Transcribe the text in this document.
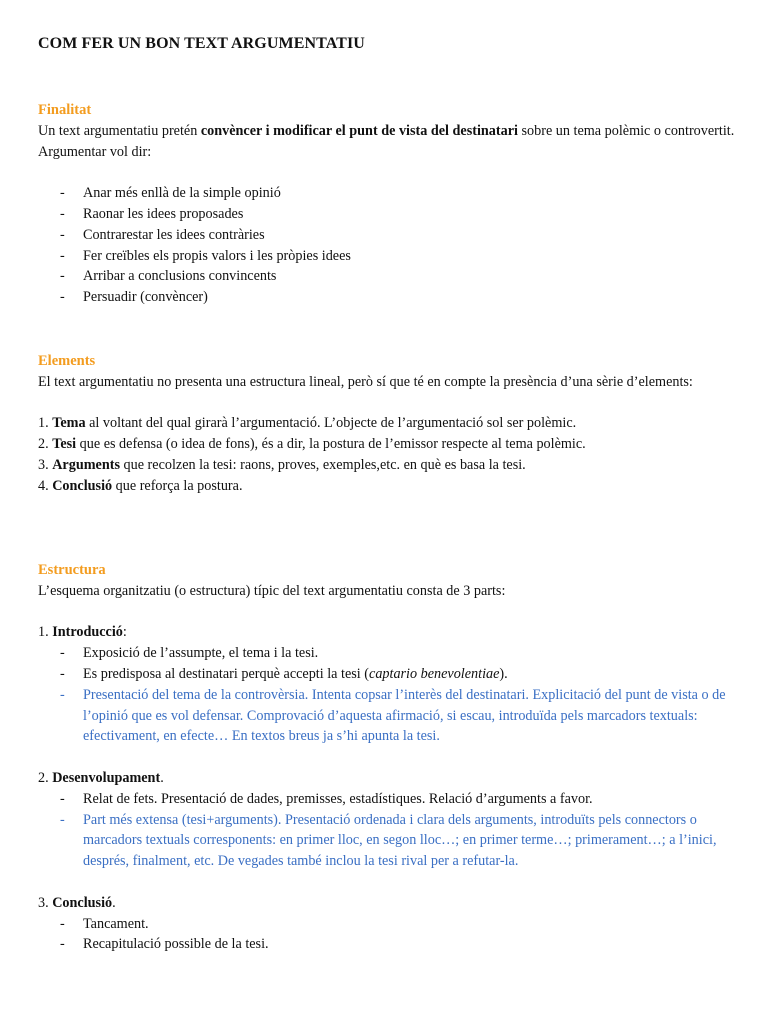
COM FER UN BON TEXT ARGUMENTATIU
Finalitat

Un text argumentatiu pretén convèncer i modificar el punt de vista del destinatari sobre un tema polèmic o controvertit. Argumentar vol dir:

- Anar més enllà de la simple opinió
- Raonar les idees proposades
- Contrarestar les idees contràries
- Fer creïbles els propis valors i les pròpies idees
- Arribar a conclusions convincents
- Persuadir (convèncer)
Elements

El text argumentatiu no presenta una estructura lineal, però sí que té en compte la presència d’una sèrie d’elements:

1. Tema al voltant del qual girarà l’argumentació. L’objecte de l’argumentació sol ser polèmic.

2. Tesi que es defensa (o idea de fons), és a dir, la postura de l’emissor respecte al tema polèmic.

3. Arguments que recolzen la tesi: raons, proves, exemples,etc. en què es basa la tesi.

4. Conclusió que reforça la postura.

Estructura

L’esquema organitzatiu (o estructura) típic del text argumentatiu consta de 3 parts:

1. Introducció:

- Exposició de l’assumpte, el tema i la tesi.
- Es predisposa al destinatari perquè accepti la tesi (captario benevolentiae).
- Presentació del tema de la controvèrsia. Intenta copsar l’interès del destinatari. Explicitació del punt de vista o de l’opinió que es vol defensar. Comprovació d’aquesta afirmació, si escau, introduïda pels marcadors textuals: efectivament, en efecte… En textos breus ja s’hi apunta la tesi.

2. Desenvolupament.

- Relat de fets. Presentació de dades, premisses, estadístiques. Relació d’arguments a favor.
- Part més extensa (tesi+arguments). Presentació ordenada i clara dels arguments, introduïts pels connectors o marcadors textuals corresponents: en primer lloc, en segon lloc…; en primer terme…; primerament…; a l’inici, després, finalment, etc. De vegades també inclou la tesi rival per a refutar-la.

3. Conclusió.

- Tancament.
- Recapitulació possible de la tesi.
